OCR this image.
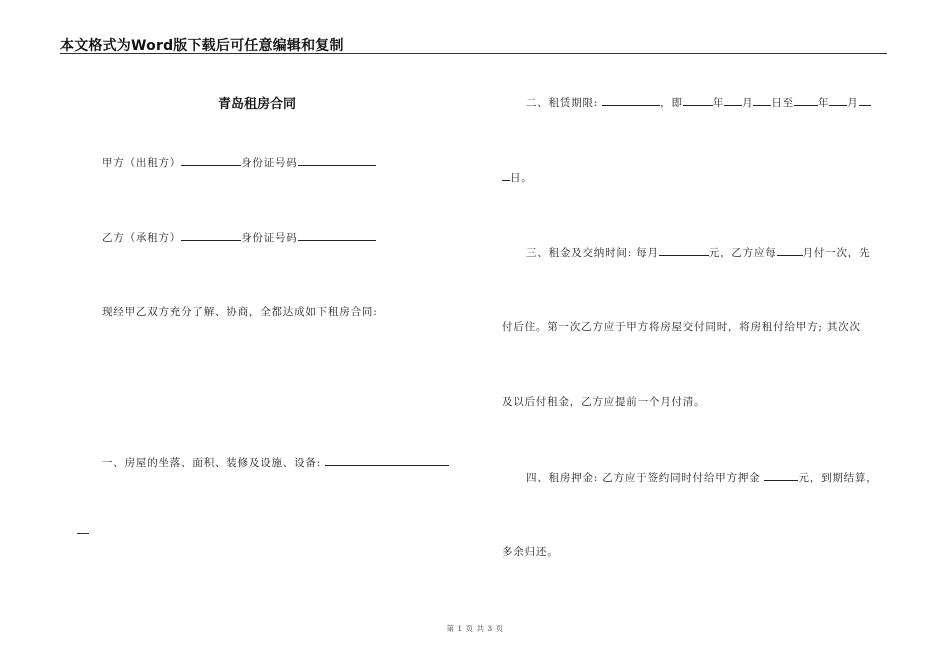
本文格式为Word版下载后可任意编辑和复制
青岛租房合同
甲方（出租方）	身份证号码
乙方（承租方）	身份证号码
现经甲乙双方充分了解、协商，全都达成如下租房合同:
一、房屋的坐落、面积、装修及设施、设备:
二、租赁期限:	，即	年 月 日至 年 月
日。
三、租金及交纳时间: 每月	元，乙方应每 月付一次，先
付后住。第一次乙方应于甲方将房屋交付同时，将房租付给甲方; 其次次
及以后付租金，乙方应提前一个月付清。
四、租房押金: 乙方应于签约同时付给甲方押金	元，到期结算，
多余归还。
第 1 页 共 3 页
